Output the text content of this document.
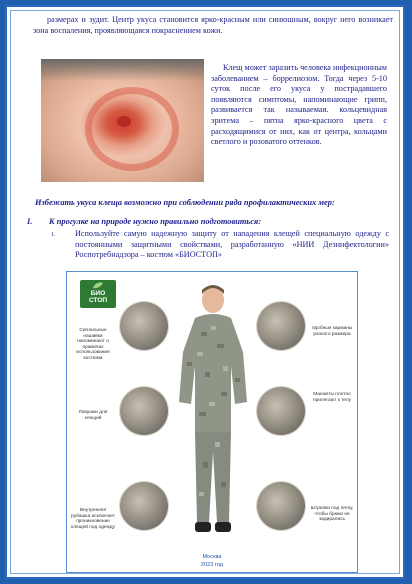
размерах и зудит. Центр укуса становится ярко-красным или синюшным, вокруг него возникает зона воспаления, проявляющаяся покраснением кожи.
Клещ может заразить человека инфекционным заболеванием – боррелиозом. Тогда через 5-10 суток после его укуса у пострадавшего появляются симптомы, напоминающие грипп, развивается так называемая. кольцевидная эритема – пятна ярко-красного цвета с расходящимися от них, как от центра, кольцами светлого и розоватого оттенков.
Избежать укуса клеща возможно при соблюдении ряда профилактических мер:
I. К прогулке на природе нужно правильно подготовиться:
1.	Используйте самую надежную защиту от нападения клещей специальную одежду с постоянными защитными свойствами, разработанную «НИИ Дезинфектологии» Роспотребнадзора – костюм «БИОСТОП»
БИО
СТОП
Сигнальные нашивки напоминают о правилах использования костюма
Удобные карманы разного размера
Ловушки для клещей
Манжеты плотно прилегают к телу
Внутренняя рубашка исключает проникновение клещей под одежду
Штрипки под пятку, чтобы брюки не задирались
Москва
2023 год
